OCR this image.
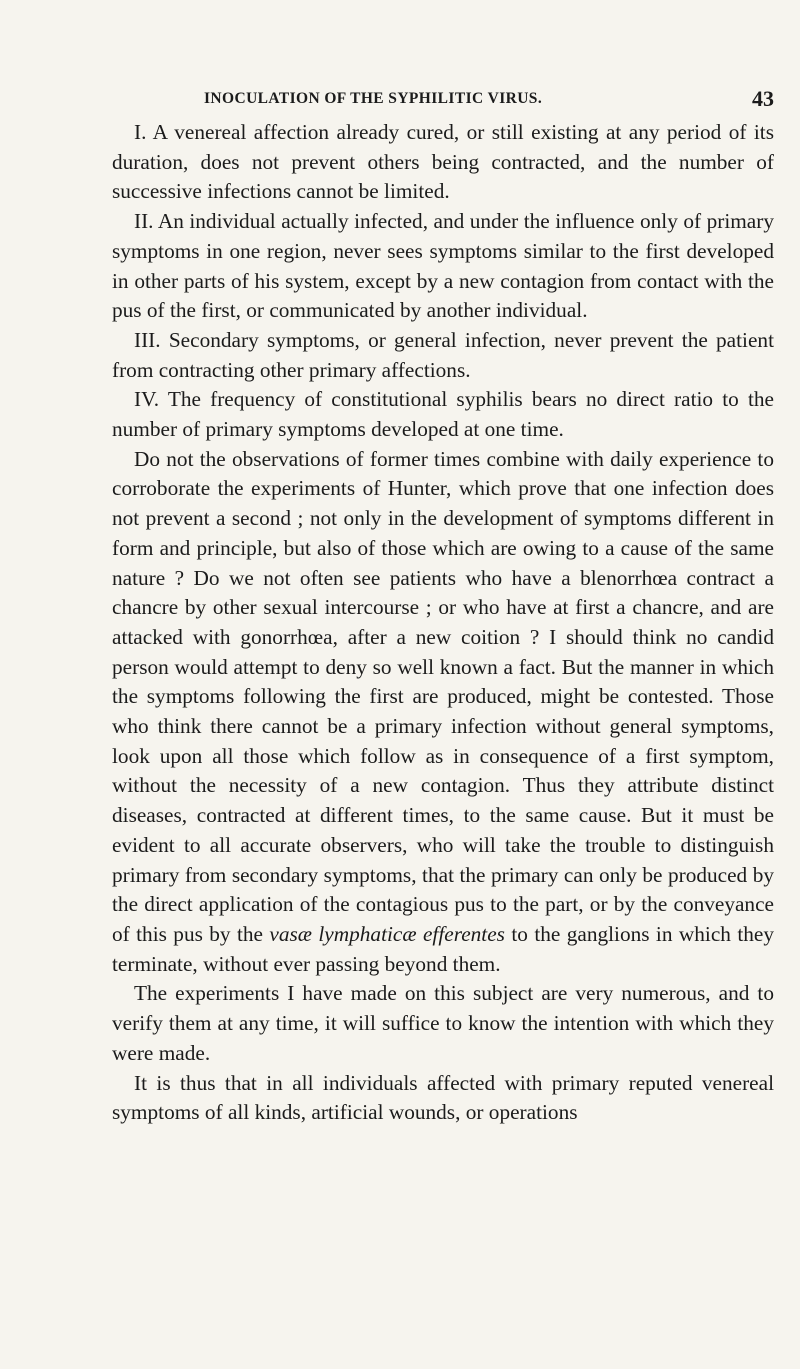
INOCULATION OF THE SYPHILITIC VIRUS.	43

I. A venereal affection already cured, or still existing at any period of its duration, does not prevent others being contracted, and the number of successive infections cannot be limited.

II. An individual actually infected, and under the influence only of primary symptoms in one region, never sees symptoms similar to the first developed in other parts of his system, except by a new contagion from contact with the pus of the first, or communicated by another individual.

III. Secondary symptoms, or general infection, never prevent the patient from contracting other primary affections.

IV. The frequency of constitutional syphilis bears no direct ratio to the number of primary symptoms developed at one time.

Do not the observations of former times combine with daily experience to corroborate the experiments of Hunter, which prove that one infection does not prevent a second ; not only in the development of symptoms different in form and principle, but also of those which are owing to a cause of the same nature ? Do we not often see patients who have a blenorrhœa contract a chancre by other sexual intercourse ; or who have at first a chancre, and are attacked with gonorrhœa, after a new coition ? I should think no candid person would attempt to deny so well known a fact. But the manner in which the symptoms following the first are produced, might be contested. Those who think there cannot be a primary infection without general symptoms, look upon all those which follow as in consequence of a first symptom, without the necessity of a new contagion. Thus they attribute distinct diseases, contracted at different times, to the same cause. But it must be evident to all accurate observers, who will take the trouble to distinguish primary from secondary symptoms, that the primary can only be produced by the direct application of the contagious pus to the part, or by the conveyance of this pus by the vasæ lymphaticæ efferentes to the ganglions in which they terminate, without ever passing beyond them.

The experiments I have made on this subject are very numerous, and to verify them at any time, it will suffice to know the intention with which they were made.

It is thus that in all individuals affected with primary reputed venereal symptoms of all kinds, artificial wounds, or operations
